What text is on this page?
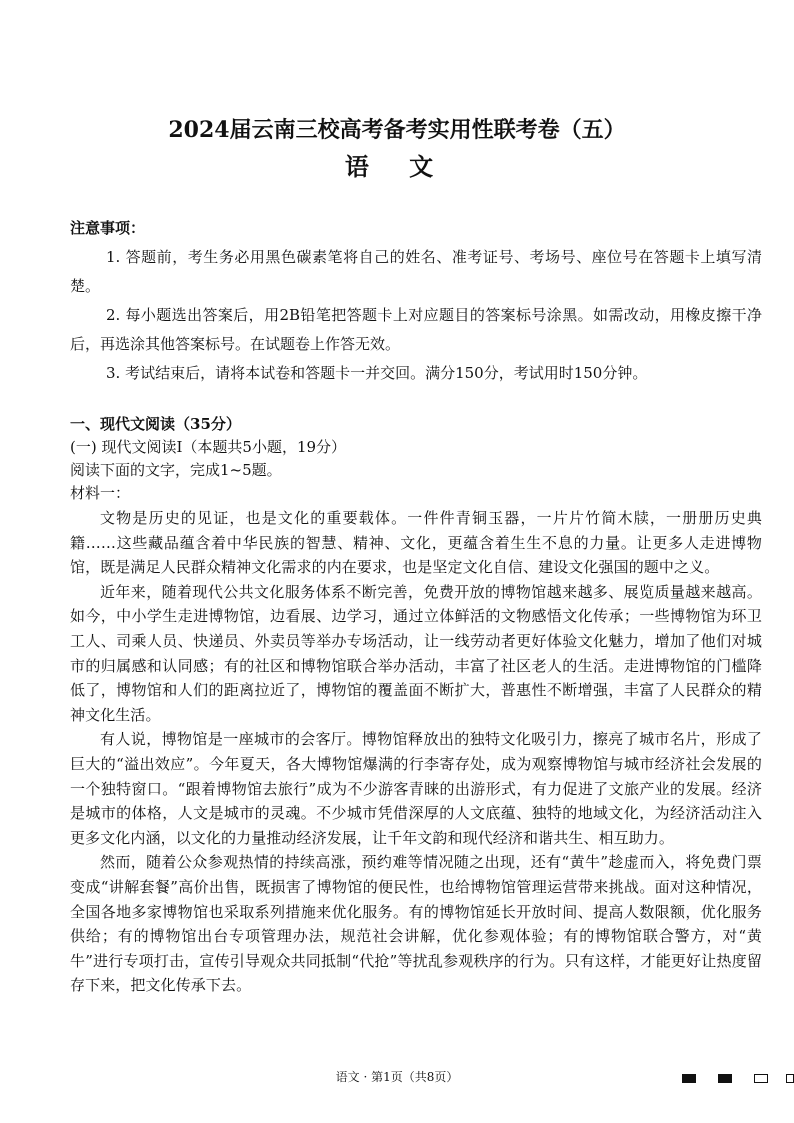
2024届云南三校高考备考实用性联考卷（五）
语 文
注意事项：

1. 答题前，考生务必用黑色碳素笔将自己的姓名、准考证号、考场号、座位号在答题卡上填写清楚。

2. 每小题选出答案后，用2B铅笔把答题卡上对应题目的答案标号涂黑。如需改动，用橡皮擦干净后，再选涂其他答案标号。在试题卷上作答无效。

3. 考试结束后，请将本试卷和答题卡一并交回。满分150分，考试用时150分钟。

一、现代文阅读（35分）

(一) 现代文阅读Ⅰ（本题共5小题，19分）

阅读下面的文字，完成1~5题。

材料一：

文物是历史的见证，也是文化的重要载体。一件件青铜玉器，一片片竹简木牍，一册册历史典籍……这些藏品蕴含着中华民族的智慧、精神、文化，更蕴含着生生不息的力量。让更多人走进博物馆，既是满足人民群众精神文化需求的内在要求，也是坚定文化自信、建设文化强国的题中之义。

近年来，随着现代公共文化服务体系不断完善，免费开放的博物馆越来越多、展览质量越来越高。如今，中小学生走进博物馆，边看展、边学习，通过立体鲜活的文物感悟文化传承；一些博物馆为环卫工人、司乘人员、快递员、外卖员等举办专场活动，让一线劳动者更好体验文化魅力，增加了他们对城市的归属感和认同感；有的社区和博物馆联合举办活动，丰富了社区老人的生活。走进博物馆的门槛降低了，博物馆和人们的距离拉近了，博物馆的覆盖面不断扩大，普惠性不断增强，丰富了人民群众的精神文化生活。

有人说，博物馆是一座城市的会客厅。博物馆释放出的独特文化吸引力，擦亮了城市名片，形成了巨大的“溢出效应”。今年夏天，各大博物馆爆满的行李寄存处，成为观察博物馆与城市经济社会发展的一个独特窗口。“跟着博物馆去旅行”成为不少游客青睐的出游形式，有力促进了文旅产业的发展。经济是城市的体格，人文是城市的灵魂。不少城市凭借深厚的人文底蕴、独特的地域文化，为经济活动注入更多文化内涵，以文化的力量推动经济发展，让千年文韵和现代经济和谐共生、相互助力。

然而，随着公众参观热情的持续高涨，预约难等情况随之出现，还有“黄牛”趁虚而入，将免费门票变成“讲解套餐”高价出售，既损害了博物馆的便民性，也给博物馆管理运营带来挑战。面对这种情况，全国各地多家博物馆也采取系列措施来优化服务。有的博物馆延长开放时间、提高人数限额，优化服务供给；有的博物馆出台专项管理办法，规范社会讲解，优化参观体验；有的博物馆联合警方，对“黄牛”进行专项打击，宣传引导观众共同抵制“代抢”等扰乱参观秩序的行为。只有这样，才能更好让热度留存下来，把文化传承下去。

语文 · 第1页（共8页）
